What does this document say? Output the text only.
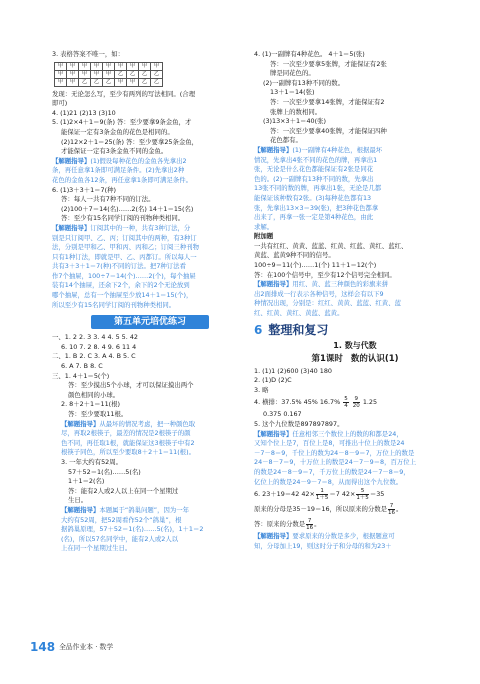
3. 表格答案不唯一，如：
甲	甲	甲	甲	甲	甲	甲	甲	甲
甲	甲	甲	甲	甲	乙	乙	乙	乙
甲	甲	乙	乙	乙	甲	甲	乙	乙
发现：无论怎么写，至少有两列的写法相同。(合理
即可)
4. (1)21 (2)13 (3)10
5. (1)2×4＋1＝9(条) 答：至少要拿9条金鱼，才
能保证一定有3条金鱼的花色是相同的。
(2)12×2＋1＝25(条) 答：至少要拿25条金鱼，
才能保证一定有3条金鱼不同的金鱼。
【解题指导】(1)假设每种花色的金鱼各先拿出2
条，再任意拿1条即可满足条件。(2)先拿出2种
花色的金鱼各12条，再任意拿1条即可满足条件。
6. (1)3＋3＋1＝7(种)
答：每人一共有7种不同的订法。
(2)100＋7＝14(名)……2(名) 14＋1＝15(名)
答：至少有15名同学订阅的刊物种类相同。
【解题指导】订阅其中的一种，共有3种订法，分
别是只订阅甲、乙、丙；订阅其中的两种，有3种订
法，分别是甲和乙、甲和丙、丙和乙；订阅三种刊物
只有1种订法，即就是甲、乙、丙都订。所以每人一
共有3＋3＋1＝7(种)不同的订法。把7种订法看
作7个抽屉，100÷7＝14(个)……2(个)，每个抽屉
装有14个抽屉，还余下2个，余下的2个无论放到
哪个抽屉，总有一个抽屉至少放14＋1＝15(个)，
所以至少有15名同学订阅的刊物种类相同。
第五单元培优练习
一、1. 2 2. 3 3. 4 4. 5 5. 42
6. 10 7. 2 8. 4 9. 6 11 4
二、1. B 2. C 3. A 4. B 5. C
6. A 7. B 8. C
三、1. 4＋1＝5(个)
答：至少摸出5个小球，才可以保证摸出两个
颜色相同的小球。
2. 8＋2＋1＝11(根)
答：至少要取11根。
【解题指导】从最坏的情况考虑，把一种颜色取
尽，再取2根筷子，最差的情况是2根筷子的颜
色不同，再任取1根，就能保证这3根筷子中有2
根筷子同色，所以至少要取8＋2＋1＝11(根)。
3. 一年大约有52周。
57＋52＝1(名)……5(名)
1＋1＝2(名)
答：能有2人或2人以上在同一个星期过
生日。
【解题指导】本题属于“鸽巢问题”，因为一年
大约有52周，把52周看作52个“鸽巢”，根
据鸽巢原理，57＋52＝1(名)……5(名)，1＋1＝2
(名)，所以57名同学中，能有2人或2人以
上在同一个星期过生日。
4. (1)一副牌有4种花色。 4＋1＝5(张)
答：一次至少要拿5张牌，才能保证有2张
牌是同花色的。
(2)一副牌有13种不同的数。
13＋1＝14(张)
答：一次至少要拿14张牌，才能保证有2
张牌上的数相同。
(3)13×3＋1＝40(张)
答：一次至少要拿40张牌，才能保证四种
花色都有。
【解题指导】(1)一副牌有4种花色，根据最坏
情况，先拿出4张不同的花色的牌，再拿出1
张，无论是什么花色都能保证有2张是同花
色的。(2)一副牌有13种不同的数，先拿出
13张不同的数的牌，再拿出1张，无论是几都
能保证该种数有2张。(3)每种花色都有13
张，先拿出13×3＝39(张)，把3种花色都拿
出来了，再拿一张一定是第4种花色，由此
求解。
附加题
一共有红红、黄黄、蓝蓝、红黄、红蓝、黄红、蓝红、
黄蓝、蓝黄9种不同的信号。
100÷9＝11(个)……1(个) 11＋1＝12(个)
答：在100个信号中，至少有12个信号完全相同。
【解题指导】用红、黄、蓝三种颜色的彩旗来拼
出2面排成一行表示各种信号，这样会有以下9
种情况出现，分别是：红红、黄黄、蓝蓝、红黄、蓝
红、红黄、黄红、黄蓝、蓝黄。
6 整理和复习
1. 数与代数
第1课时 数的认识(1)
1. (1)1 (2)600 (3)40 180
2. (1)D (2)C
3. 略
4. 横排：37.5% 45% $16.7\% \frac{5}{4}$
$\frac{9}{20} 1.25$
0.375 0.167
5. 这个九位数是897897897。
【解题指导】任意相邻三个数位上的数的和都是24，
又知个位上是7，百位上是8，可推出十位上的数是24
－7－8＝9，千位上的数为24－8－9＝7，万位上的数是
24－8－7＝9，十万位上的数是24－7－9＝8，百万位上
的数是24－8－9＝7，千万位上的数是24－7－8＝9，
亿位上的数是24－9－7＝8，从而得出这个九位数。
6. 23＋19＝42 $42\times \frac{1}{1+5} =7$ $42\times \frac{5}{1+5} =35$
原来的分母是35－19＝16，所以原来的分数是 $\frac{7}{16}$ 。
答：原来的分数是 $\frac{7}{16}$ 。
【解题指导】要求原来的分数是多少，根据题意可
知，分母加上19，则这时分子和分母的和为23＋
148 全品作业本 · 数学
